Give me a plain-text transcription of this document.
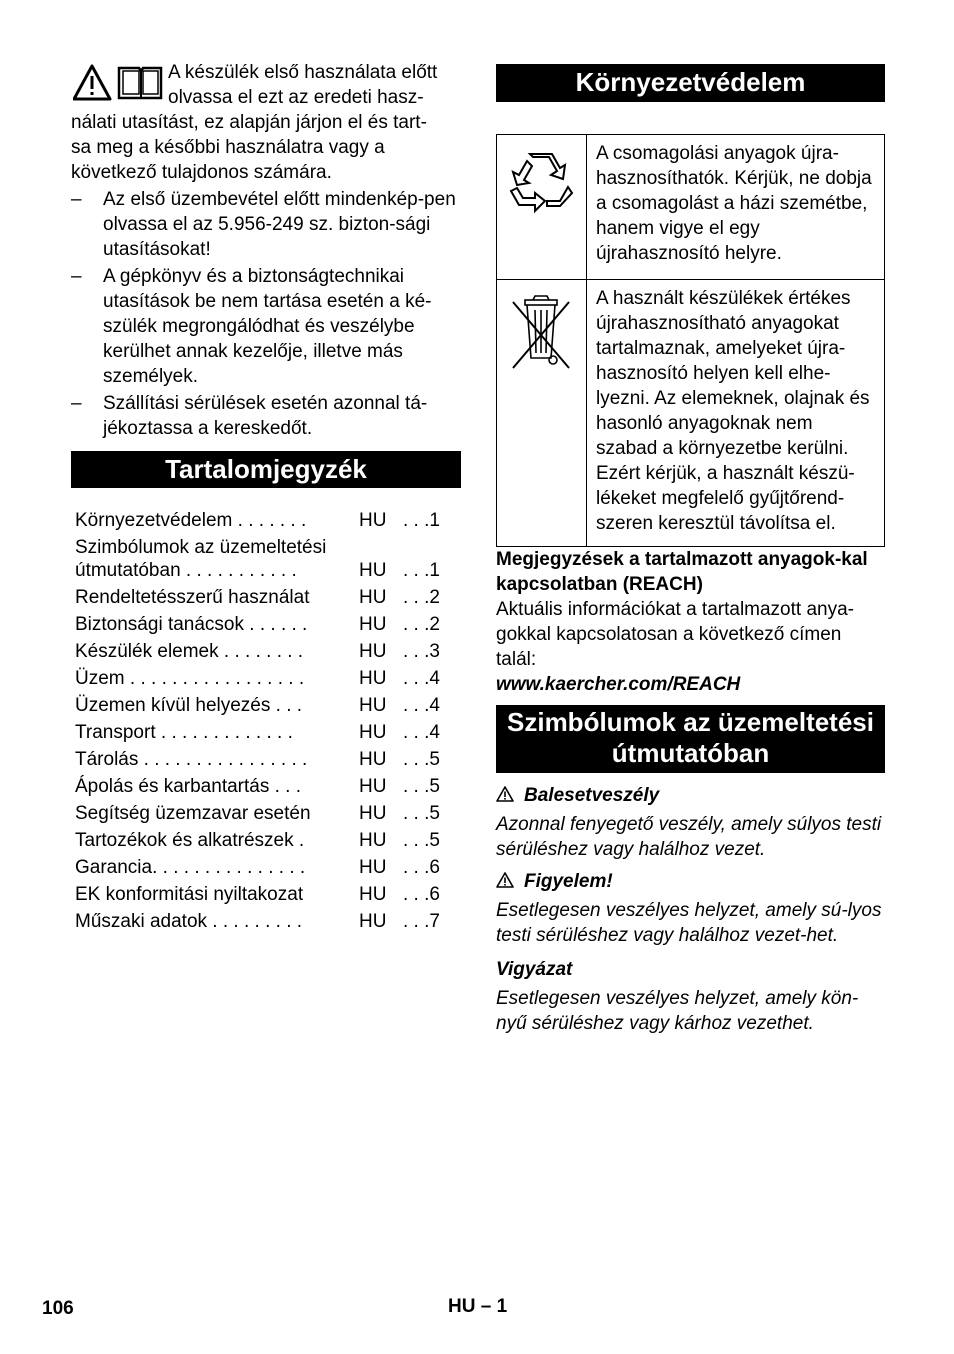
A készülék első használata előtt

olvassa el ezt az eredeti hasz-

nálati utasítást, ez alapján járjon el és tart-

sa meg a későbbi használatra vagy a

következő tulajdonos számára.

– Az első üzembevétel előtt mindenkép-pen olvassa el az 5.956-249 sz. bizton-sági utasításokat!
– A gépkönyv és a biztonságtechnikai utasítások be nem tartása esetén a ké-szülék megrongálódhat és veszélybe kerülhet annak kezelője, illetve más személyek.
– Szállítási sérülések esetén azonnal tá-jékoztassa a kereskedőt.
Tartalomjegyzék
Környezetvédelem . . . . . . .	HU	. . .1
Szimbólumok az üzemeltetési útmutatóban . . . . . . . . . . .	HU	. . .1
Rendeltetésszerű használat	HU	. . .2
Biztonsági tanácsok . . . . . .	HU	. . .2
Készülék elemek . . . . . . . .	HU	. . .3
Üzem . . . . . . . . . . . . . . . . .	HU	. . .4
Üzemen kívül helyezés . . .	HU	. . .4
Transport . . . . . . . . . . . . .	HU	. . .4
Tárolás . . . . . . . . . . . . . . . .	HU	. . .5
Ápolás és karbantartás . . .	HU	. . .5
Segítség üzemzavar esetén	HU	. . .5
Tartozékok és alkatrészek .	HU	. . .5
Garancia. . . . . . . . . . . . . . .	HU	. . .6
EK konformitási nyiltakozat	HU	. . .6
Műszaki adatok . . . . . . . . .	HU	. . .7
Környezetvédelem
	A csomagolási anyagok újra-hasznosíthatók. Kérjük, ne dobja a csomagolást a házi szemétbe, hanem vigye el egy újrahasznosító helyre.
	A használt készülékek értékes újrahasznosítható anyagokat tartalmaznak, amelyeket újra-hasznosító helyen kell elhe-lyezni. Az elemeknek, olajnak és hasonló anyagoknak nem szabad a környezetbe kerülni. Ezért kérjük, a használt készü-lékeket megfelelő gyűjtőrend-szeren keresztül távolítsa el.

Megjegyzések a tartalmazott anyagok-kal kapcsolatban (REACH)

Aktuális információkat a tartalmazott anya-gokkal kapcsolatosan a következő címen talál:

www.kaercher.com/REACH

Szimbólumok az üzemeltetési
útmutatóban

Balesetveszély

Azonnal fenyegető veszély, amely súlyos testi sérüléshez vagy halálhoz vezet.

Figyelem!

Esetlegesen veszélyes helyzet, amely sú-lyos testi sérüléshez vagy halálhoz vezet-het.

Vigyázat

Esetlegesen veszélyes helyzet, amely kön-nyű sérüléshez vagy kárhoz vezethet.

106	HU – 1
